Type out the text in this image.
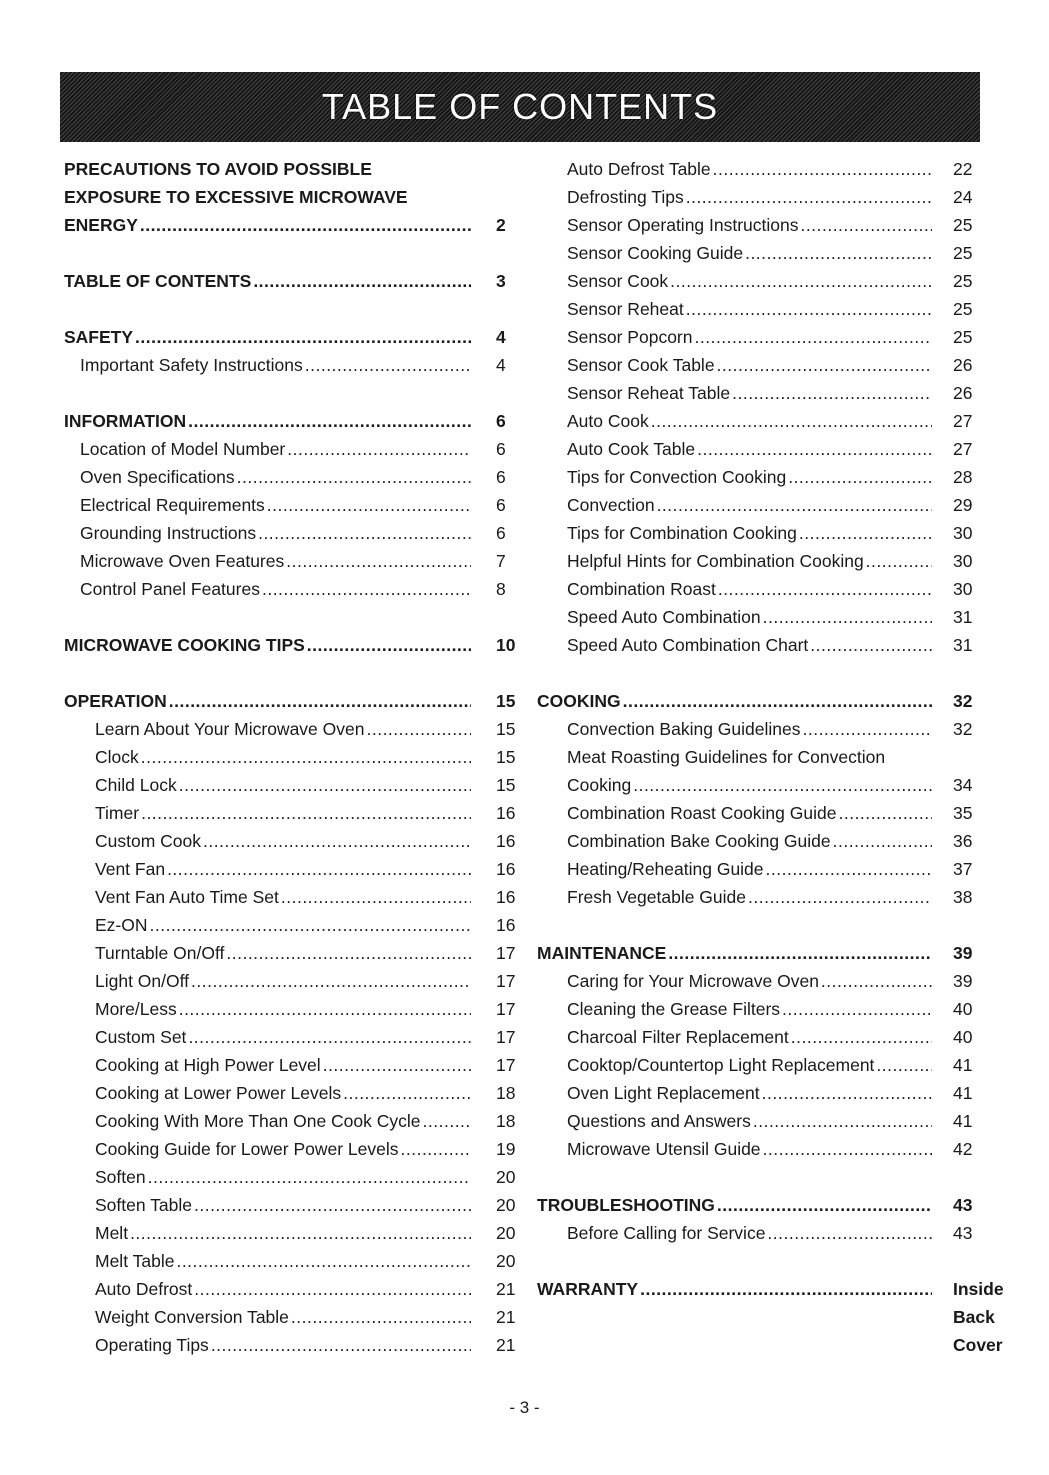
TABLE OF CONTENTS
PRECAUTIONS TO AVOID POSSIBLE
EXPOSURE TO EXCESSIVE MICROWAVE
ENERGY .....	2
TABLE OF CONTENTS .....	3
SAFETY .....	4
Important Safety Instructions .....	4
INFORMATION .....	6
Location of Model Number .....	6
Oven Specifications .....	6
Electrical Requirements .....	6
Grounding Instructions .....	6
Microwave Oven Features .....	7
Control Panel Features .....	8
MICROWAVE COOKING TIPS .....	10
OPERATION .....	15
Learn About Your Microwave Oven .....	15
Clock .....	15
Child Lock .....	15
Timer .....	16
Custom Cook .....	16
Vent Fan .....	16
Vent Fan Auto Time Set .....	16
Ez-ON .....	16
Turntable On/Off .....	17
Light On/Off .....	17
More/Less .....	17
Custom Set .....	17
Cooking at High Power Level .....	17
Cooking at Lower Power Levels .....	18
Cooking With More Than One Cook Cycle .....	18
Cooking Guide for Lower Power Levels .....	19
Soften .....	20
Soften Table .....	20
Melt .....	20
Melt Table .....	20
Auto Defrost .....	21
Weight Conversion Table .....	21
Operating Tips .....	21
Auto Defrost Table .....	22
Defrosting Tips .....	24
Sensor Operating Instructions .....	25
Sensor Cooking Guide .....	25
Sensor Cook .....	25
Sensor Reheat .....	25
Sensor Popcorn .....	25
Sensor Cook Table .....	26
Sensor Reheat Table .....	26
Auto Cook .....	27
Auto Cook Table .....	27
Tips for Convection Cooking .....	28
Convection .....	29
Tips for Combination Cooking .....	30
Helpful Hints for Combination Cooking .....	30
Combination Roast .....	30
Speed Auto Combination .....	31
Speed Auto Combination Chart .....	31
COOKING .....	32
Convection Baking Guidelines .....	32
Meat Roasting Guidelines for Convection
Cooking .....	34
Combination Roast Cooking Guide .....	35
Combination Bake Cooking Guide .....	36
Heating/Reheating Guide .....	37
Fresh Vegetable Guide .....	38
MAINTENANCE .....	39
Caring for Your Microwave Oven .....	39
Cleaning the Grease Filters .....	40
Charcoal Filter Replacement .....	40
Cooktop/Countertop Light Replacement .....	41
Oven Light Replacement .....	41
Questions and Answers .....	41
Microwave Utensil Guide .....	42
TROUBLESHOOTING .....	43
Before Calling for Service .....	43
WARRANTY .....	Inside Back Cover
- 3 -
